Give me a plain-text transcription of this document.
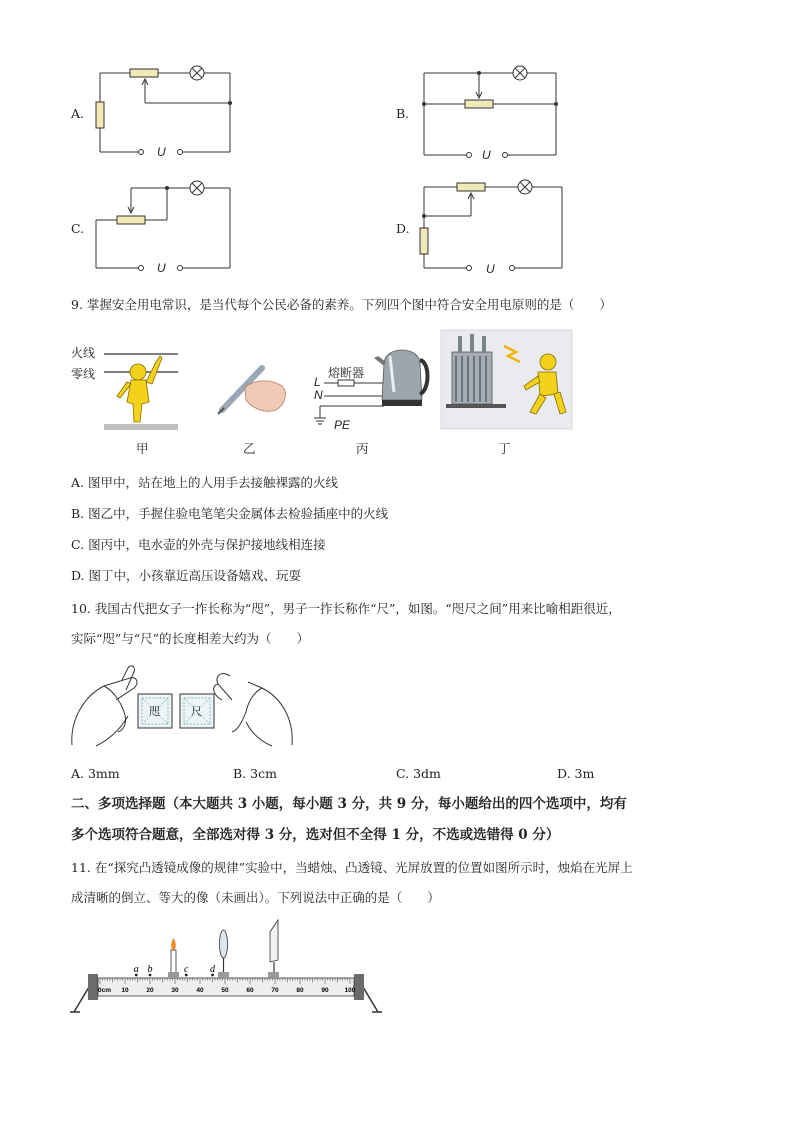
A.
U
B.
U
C.
U
D.
U
9. 掌握安全用电常识，是当代每个公民必备的素养。下列四个图中符合安全用电原则的是（　　）
火线
零线
甲	乙
熔断器
L
N
PE
丙	丁
A. 图甲中，站在地上的人用手去接触裸露的火线
B. 图乙中，手握住验电笔笔尖金属体去检验插座中的火线
C. 图丙中，电水壶的外壳与保护接地线相连接
D. 图丁中，小孩靠近高压设备嬉戏、玩耍
10. 我国古代把女子一拃长称为“咫”，男子一拃长称作“尺”，如图。“咫尺之间”用来比喻相距很近，
实际“咫”与“尺”的长度相差大约为（　　）
咫	尺
A. 3mm	B. 3cm	C. 3dm	D. 3m
二、多项选择题（本大题共 3 小题，每小题 3 分，共 9 分，每小题给出的四个选项中，均有
多个选项符合题意，全部选对得 3 分，选对但不全得 1 分，不选或选错得 0 分）
11. 在“探究凸透镜成像的规律”实验中，当蜡烛、凸透镜、光屏放置的位置如图所示时，烛焰在光屏上
成清晰的倒立、等大的像（未画出）。下列说法中正确的是（　　）
0cm 10	20	30	40	50	60	70	80	90 100
a b	c d
